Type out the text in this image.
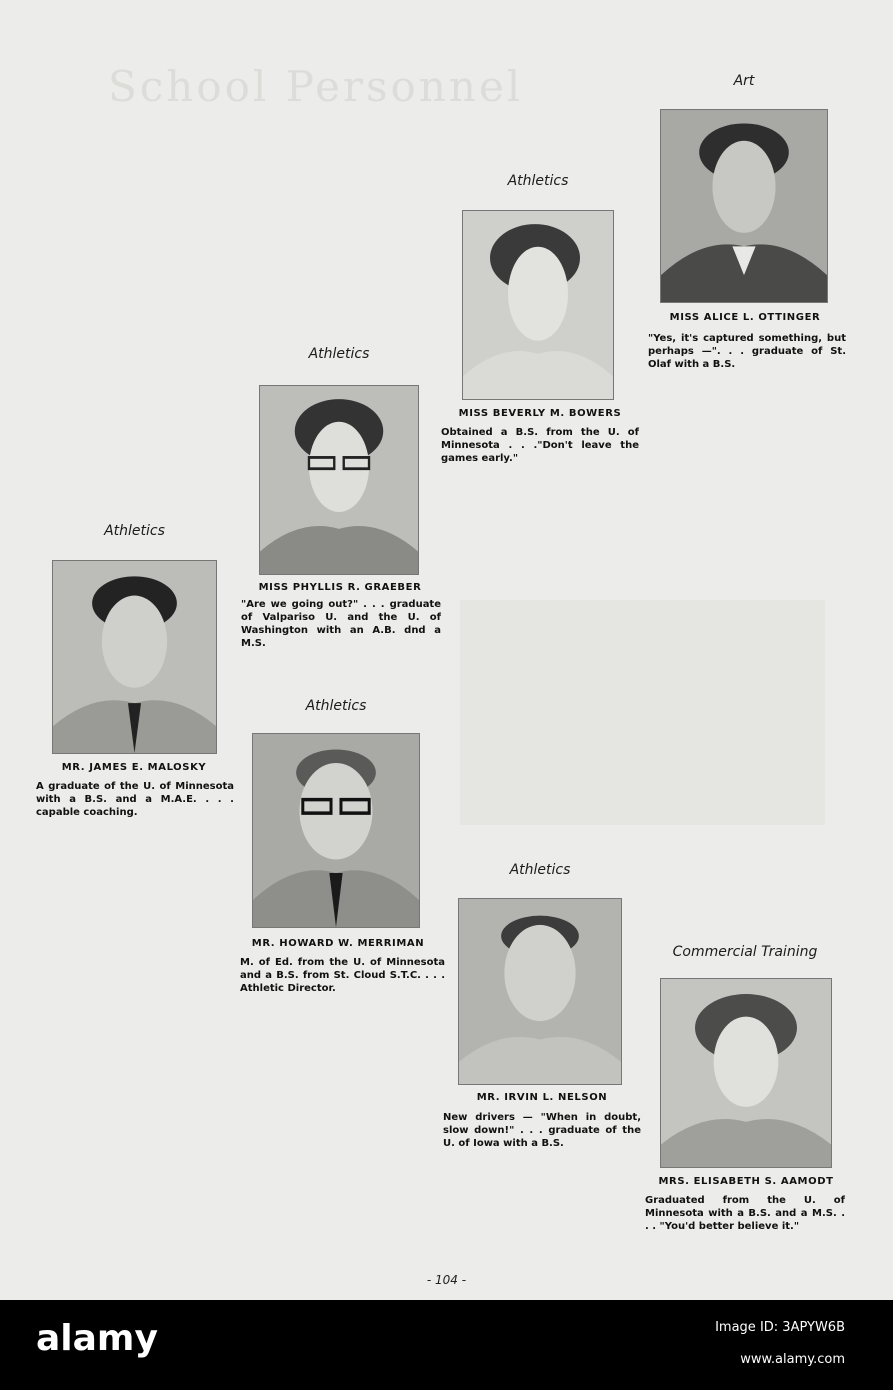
School Personnel	Art
MISS ALICE L. OTTINGER
"Yes, it's captured something, but perhaps —". . . graduate of St. Olaf with a B.S.
Athletics
MISS BEVERLY M. BOWERS
Obtained a B.S. from the U. of Minnesota . . ."Don't leave the games early."
Athletics
MISS PHYLLIS R. GRAEBER
"Are we going out?" . . . graduate of Valpariso U. and the U. of Washington with an A.B. dnd a M.S.
Athletics
MR. JAMES E. MALOSKY
A graduate of the U. of Minnesota with a B.S. and a M.A.E. . . . capable coaching.
Athletics
MR. HOWARD W. MERRIMAN
M. of Ed. from the U. of Minnesota and a B.S. from St. Cloud S.T.C. . . . Athletic Director.
Athletics
MR. IRVIN L. NELSON
New drivers — "When in doubt, slow down!" . . . graduate of the U. of Iowa with a B.S.
Commercial Training
MRS. ELISABETH S. AAMODT
Graduated from the U. of Minnesota with a B.S. and a M.S. . . . "You'd better believe it."
- 104 -
alamy	Image ID: 3APYW6B
www.alamy.com
